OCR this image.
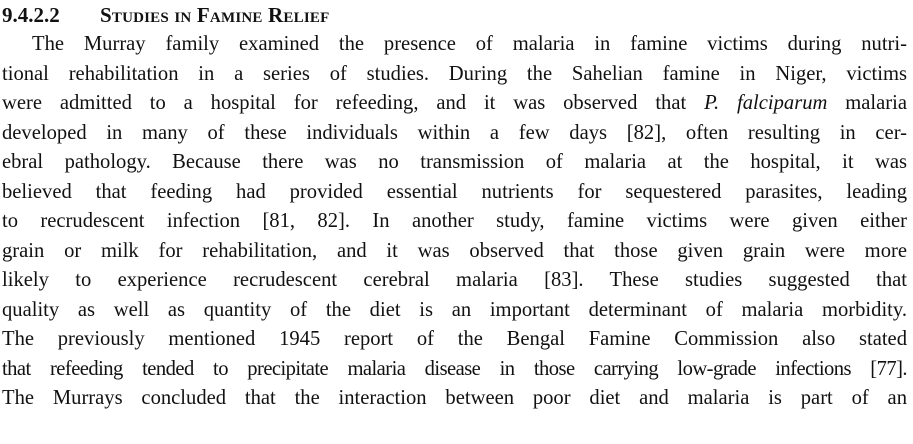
9.4.2.2 Studies in Famine Relief
The Murray family examined the presence of malaria in famine victims during nutri-
tional rehabilitation in a series of studies. During the Sahelian famine in Niger, victims
were admitted to a hospital for refeeding, and it was observed that P. falciparum malaria
developed in many of these individuals within a few days [82], often resulting in cer-
ebral pathology. Because there was no transmission of malaria at the hospital, it was
believed that feeding had provided essential nutrients for sequestered parasites, leading
to recrudescent infection [81, 82]. In another study, famine victims were given either
grain or milk for rehabilitation, and it was observed that those given grain were more
likely to experience recrudescent cerebral malaria [83]. These studies suggested that
quality as well as quantity of the diet is an important determinant of malaria morbidity.
The previously mentioned 1945 report of the Bengal Famine Commission also stated
that refeeding tended to precipitate malaria disease in those carrying low-grade infections [77].
The Murrays concluded that the interaction between poor diet and malaria is part of an
